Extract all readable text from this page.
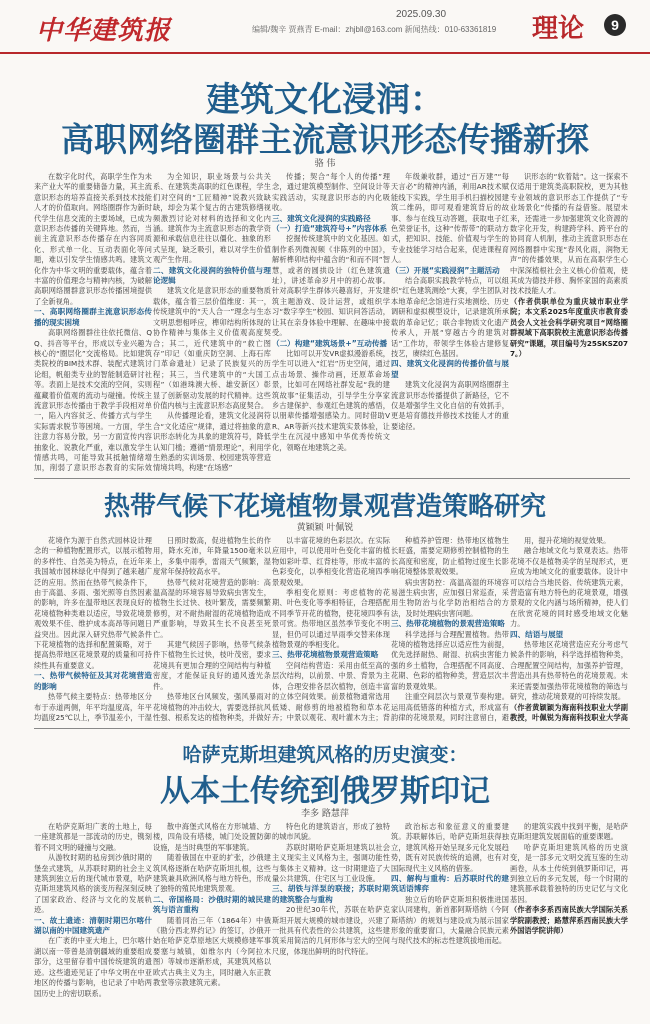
中华建筑报
2025.09.30
编辑/魏辛 贾燕青 E-mail：zhjbll@163.com 新闻热线：010-63361819 理论	9
建筑文化浸润：
高职网络圈群主流意识形态传播新探
骆 伟

在数字化时代，高职学生作为未来产业大军的重要储备力量，其主流意识形态的培养直接关系到技术技能人才的价值取向。网络圈群作为新时代学生信息交流的主要场域，已成为意识形态传播的关键阵地。然而，当前主流意识形态传播存在内容同质化、形式单一化、互动表面化等问题，难以引发学生情感共鸣。建筑文化作为中华文明的重要载体，蕴含着丰富的价值理念与精神内核，为破解高职网络圈群意识形态传播困境提供了全新视角。

一、高职网络圈群主流意识形态传播的现实困境

高职网络圈群往往依托微信、QQ、抖音等平台，形成以专业兴趣为核心的“圈层化”交流格局。比如建筑类院校的BIM技术群、装配式建筑讨论组，帆船类专业的智能制造研讨社等。表面上是技术交流的空间，实则蕴藏着价值观的流动与碰撞。传统主流意识形态传播由于教学手段相对单一，陷入内容贫乏、传播方式与学生实际需求脱节等困境。一方面，学生注意力容易分散，另一方面宣传内容抽象化、说教化严重，难以激发学生情感共鸣，可能导致其抵触情绪增加，削弱了意识形态教育的实际效

为全知识，职业场景与公共关系、在建筑类高职的红色课程，学生们对空间的“工匠精神”说教兴致缺缺，却会为某个复古的古建筑修缮视频激烈讨论对材料的选择和文化内涵。建筑作为主流意识形态的教学资源和承载信息往往以僵化、抽象的形式呈现，缺乏吸引，难以对学生价值观产生作用。

二、建筑文化浸润的独特价值与理论逻辑

建筑文化是意识形态的重要物质载体，蕴含着三层价值维度：其一，传统建筑中的“天人合一”理念与生态文明思想相呼应，榫卯结构所体现的协作精神与集体主义价值观高度契合；其二，近代建筑中的“救亡图存”印记（如重庆防空洞、上海石库门革命遗址）记录了民族复兴的历程；其三，当代建筑中的“大国工程”（如港珠澳大桥、雄安新区）彰显了创新驱动发展的时代精神。这些价值内核与主流意识形态高度契合。

从传播理论看，建筑文化浸润符合“文化适应”规律，通过将抽象的意识形态转化为具象的建筑符号，降低认知门槛；遵循“情景理论”，利用学生熟悉的实训场景、校园建筑等营造情境共鸣，构建“在场感”

传播；契合“每个人的传播”理念，通过建筑模型制作、空间设计等实践活动，实现意识形态的内化吸收。

三、建筑文化浸润的实践路径

（一）打造“建筑符号+”内容体系

挖掘传统建筑中的文化基因。如制作系列微视频《非陈列的中国》，解析榫卯结构中蕴含的“和而不同”智慧，或者的圆拱设计（红色建筑遗址），讲述革命岁月中的初心故事。针对高职学生群体兴趣喜好，开发建筑主题游戏、设计运营，或组织学习“数字孪生”校园、知识问答活动，让其在亲身体验中理解、在趣味中接受。

（二）构建“建筑场景+”互动传播

比如可以开发VR虚拟漫游系统，学生可以进入“红岩”历史空间，通过点击场景、操作动画，还原革命场景，比如可在网络社群发起“我的建筑故事”征集活动，引导学生分享家乡古建保护、参观红色建筑的感悟，以朋辈传播增强感染力。同时借助VR、AR等新兴技术建筑实景体验，让学生在沉浸中感知中华优秀传统文化，领略在地建筑之美。

年级兼收群，通过“百万建”“每天言必”的精神内涵，利用AR技术赋能线下实践，学生用手机扫描校园建筑二维码，即可观看建筑背后的故事、参与在线互动答题，获取电子红色荣誉证书，这种“传帮带”的联动方式，把知识、技能、价值观与学生的专业技能学习结合起来，促进课程育人。

（三）开展“实践浸润”主题活动

结合高职实践教学特点，可以组织“红色建筑测绘”大赛，学生团队对本地革命纪念馆进行实地测绘、历史调研和虚拟模型设计，记录建筑所承载的革命记忆；联合非物质文化遗产传承人，开展“穿越古今的建筑对话”工作坊，带领学生体验古建修复技艺，赓续红色基因。

四、建筑文化浸润的传播价值与展望

建筑文化浸润为高职网络圈群主流意识形态传播提供了新路径，它不仅是增强学生文化自信的有效抓手，更是培育德技并修技术技能人才的重要途径。

识形态的“软着陆”。这一探索不仅适用于建筑类高职院校，更为其他专业领域的意识形态工作提供了“专业场景化”传播的有益借鉴。展望未来，还需进一步加强建筑文化资源的数字化开发，构建跨学科、跨平台的协同育人机制，推动主流意识形态在网络圈群中实现“春风化雨，润物无声”的传播效果，从而在高职学生心中深深植根社会主义核心价值观，使其成为德技并修、胸怀家国的高素质技术技能人才。

（作者供职单位为重庆城市职业学院；本文系2025年度重庆市教育委员会人文社会科学研究项目“网络圈群视域下高职院校主流意识形态传播研究”课题，项目编号为25SKSZ077。）

热带气候下花境植物景观营造策略研究
黄颖颖 叶佩锐

花境作为源于自然式园林设计理念的一种植物配置形式，以展示植物的多样性、自然美为特点，在近年来我国城市园林绿化中得到了越来越广泛的应用。然而在热带气候条件下，由于高温、多雨、强光照等自然因素的影响，许多在温带地区表现良好的花境植物种类难以适应，导致花境景观效果不佳、维护成本高昂等问题日益突出。因此深入研究热带气候条件下花境植物的选择和配置策略，对于提高热带地区花境景观的质量和可持续性具有重要意义。

一、热带气候特征及其对花境营造的影响

热带气候主要特点：热带地区分布于赤道两侧，年平均温度高，年平均温度25℃以上，季节温差小，干湿

日照时数高，促进植物生长的作用，降水充沛，年降量1500毫米以上，多集中雨季，雷雨天气频繁，湿度常年保持较高水平。

热带气候对花境营造的影响：高温高湿的环境容易导致病虫害发生，植物生长过快、枝叶繁茂，需要频繁修剪，对不耐热耐湿的花境植物造成严重影响，导致其生长不良甚至死亡。

其建气候因子影响，热带气候条件下植物生长过快，枝叶茂密，要求花境具有更加合理的空间结构与种植密度，才能保证良好的通风透光条件。

热带地区台风频发，强风暴雨对花境植物的冲击较大，需要选择抗风性强、根系发达的植物种类，并做好

以丰富花境的色彩层次。在实际应用中，可以使用叶色变化丰富的植物如彩叶草、红背桂等，形成丰富的色彩变化，以季相变化营造花境四季景观效果。

季相变化原则：考虑植物的花期、叶色变化等季相特征，合理搭配不同季节开花的植物，使花境四季有景可赏。热带地区虽然季节变化不明显，但仍可以通过旱雨季交替来体现植物景观的季相变化。

三、热带花境植物景观营造策略

空间结构营造：采用由低至高的层次结构，以前景、中景、背景为主体，合理安排各层次植物，创造丰富的立体空间效果。前景植物通常选用低矮、耐修剪的地被植物和草本花卉；中景以观花、观叶灌木为主；背

种植养护管理：热带地区植物生长旺盛，需要定期修剪控制植物的生长高度和密度，防止植物过度生长影响花境整体景观效果。

病虫害防控：高温高湿的环境容易滋生病虫害，应加强日常巡查，采用生物防治与化学防治相结合的方法，及时处理病虫害问题。

三、热带花境植物的景观营造策略

科学选择与合理配置植物。热带花境的植物选择应以适应性为前提，优先选择耐热、耐湿、抗病虫害能力强的乡土植物，合理搭配不同高度、花期、色彩的植物种类，营造层次丰富的景观效果。

注重空间层次与景观节奏构建。运用高低错落的种植方式，形成富有韵律的花境景观，同时注意留白，避

用，提升花境的视觉效果。

融合地域文化与景观表达。热带花境不仅是植物美学的呈现形式，更应成为地域文化的重要载体。设计中可以结合当地民俗、传统建筑元素，营造富有地方特色的花境景观，增强景观的文化内涵与场所精神，使人们在欣赏花境的同时感受地域文化魅力。

四、结语与展望

热带地区花境营造应充分考虑气候条件的影响，科学选择植物种类，合理配置空间结构，加强养护管理，营造出具有热带特色的花境景观。未来还需要加强热带花境植物的筛选与研究，推动花境景观的可持续发展。

（作者黄颖颖为海南科技职业大学副教授，叶佩锐为海南科技职业大学高

哈萨克斯坦建筑风格的历史演变：
从本土传统到俄罗斯印记
李多 路慧萍

在哈萨克斯坦广袤的土地上，每一座建筑都是一部流动的历史，镌刻着不同文明的碰撞与交融。

从游牧时期的毡房到沙俄时期的堡垒式建筑，从苏联时期的社会主义建筑到独立后的现代城市景观，哈萨克斯坦建筑风格的演变历程深刻反映了国家政治、经济与文化的发展轨迹。

一、故土遗迹：清朝时期巴尔喀什湖以南的中国建筑遗产

在广袤的中亚大地上，巴尔喀什湖以南一带曾是清朝疆域的重要组成部分，这里留存着中国传统建筑的遗迹。这些遗迹见证了中华文明在中亚地区的传播与影响，也记录了中哈两国历史上的密切联系。

散中海堡式风格在方形城墙、方楼，四角设有塔楼，城门处设置防御设施，是当时典型的军事建筑。

随着俄国在中亚的扩张，沙俄建筑风格逐渐在哈萨克斯坦扎根，这些建筑兼具欧洲风格与地方特色，形成了独特的殖民地建筑景观。

二、帝国格局：沙俄时期的城民建筑与语言重构

随着同治三年（1864年）中俄《勘分西北界约记》的签订，沙俄开始在哈萨克草原地区大规模修建军事要塞与城镇，如维尔内（今阿拉木图）等城市逐渐形成，其建筑风格以欧式古典主义为主，同时融入东正教教堂等宗教建筑元素。

特色化的建筑语言，形成了独特的城市风貌。

苏联时期哈萨克斯坦建筑以社会主义现实主义风格为主，强调功能性与集体主义精神。这一时期建造了大量公共建筑、住宅区与工业设施。

三、胡铁与洋泵的联接；苏联时期的建筑整合与重构

20世纪30年代，苏联在哈萨克斯坦开展大规模的城市建设，兴建了一批具有代表性的公共建筑，这些建筑采用简洁的几何形体与宏大的空间尺度，体现出鲜明的时代特征。

政治标志和象征意义的重要建筑。苏联解体后，哈萨克斯坦获得独立，建筑风格开始呈现多元化发展趋势，既有对民族传统的追溯，也有对国际现代主义风格的借鉴。

四、解构与重构：后苏联时代的建筑话语博弈

独立后的哈萨克斯坦积极推进国家认同建构，新首都阿斯塔纳（今阿斯塔纳）的规划与建设成为展示国家形象的重要窗口，大量融合民族元素与现代技术的标志性建筑拔地而起。

的建筑实践中找到平衡，是哈萨克斯坦建筑发展面临的重要课题。

哈萨克斯坦建筑风格的历史演变，是一部多元文明交流互鉴的生动画卷，从本土传统到俄罗斯印记，再到独立后的多元发展，每一个时期的建筑都承载着独特的历史记忆与文化基因。

（作者李多系西南民族大学国际关系学院副教授；路慧萍系西南民族大学外国语学院讲师）
